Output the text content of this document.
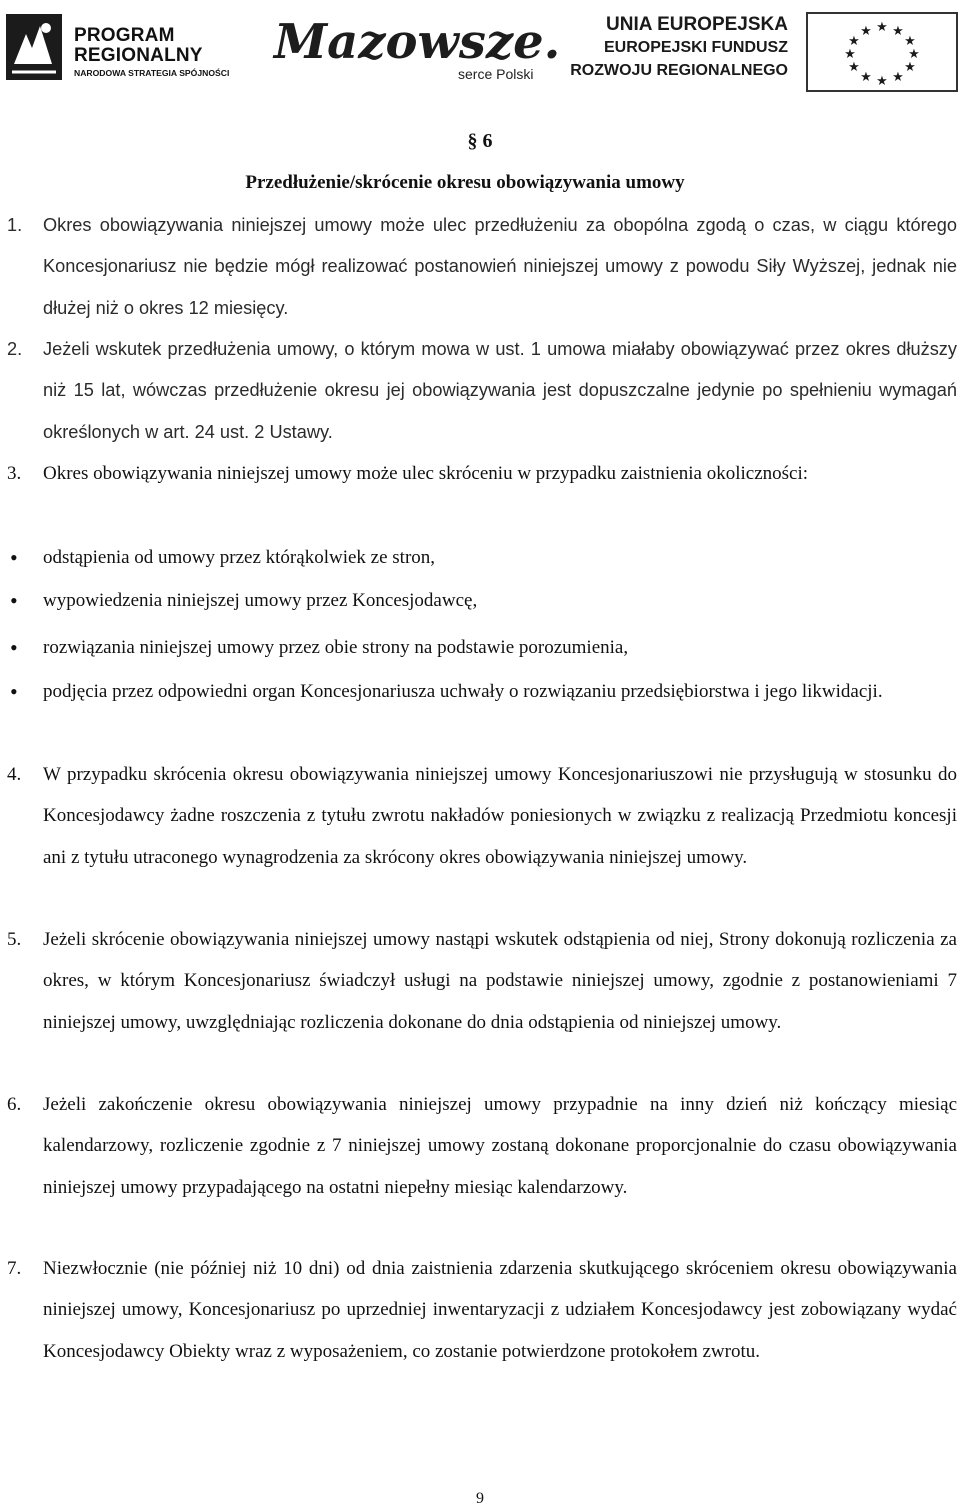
PROGRAM
REGIONALNY
NARODOWA STRATEGIA SPÓJNOŚCI
Mazowsze.
serce Polski
UNIA EUROPEJSKA
EUROPEJSKI FUNDUSZ
ROZWOJU REGIONALNEGO
★ ★
★
★
★
★
★
★
★
★
★
★
§ 6
Przedłużenie/skrócenie okresu obowiązywania umowy
1. Okres obowiązywania niniejszej umowy może ulec przedłużeniu za obopólna zgodą o czas, w ciągu którego Koncesjonariusz nie będzie mógł realizować postanowień niniejszej umowy z powodu Siły Wyższej, jednak nie dłużej niż o okres 12 miesięcy.
2. Jeżeli wskutek przedłużenia umowy, o którym mowa w ust. 1 umowa miałaby obowiązywać przez okres dłuższy niż 15 lat, wówczas przedłużenie okresu jej obowiązywania jest dopuszczalne jedynie po spełnieniu wymagań określonych w art. 24 ust. 2 Ustawy.
3. Okres obowiązywania niniejszej umowy może ulec skróceniu w przypadku zaistnienia okoliczności:
• odstąpienia od umowy przez którąkolwiek ze stron,
• wypowiedzenia niniejszej umowy przez Koncesjodawcę,
• rozwiązania niniejszej umowy przez obie strony na podstawie porozumienia,
• podjęcia przez odpowiedni organ Koncesjonariusza uchwały o rozwiązaniu przedsiębiorstwa i jego likwidacji.
4. W przypadku skrócenia okresu obowiązywania niniejszej umowy Koncesjonariuszowi nie przysługują w stosunku do Koncesjodawcy żadne roszczenia z tytułu zwrotu nakładów poniesionych w związku z realizacją Przedmiotu koncesji ani z tytułu utraconego wynagrodzenia za skrócony okres obowiązywania niniejszej umowy.
5. Jeżeli skrócenie obowiązywania niniejszej umowy nastąpi wskutek odstąpienia od niej, Strony dokonują rozliczenia za okres, w którym Koncesjonariusz świadczył usługi na podstawie niniejszej umowy, zgodnie z postanowieniami 7 niniejszej umowy, uwzględniając rozliczenia dokonane do dnia odstąpienia od niniejszej umowy.
6. Jeżeli zakończenie okresu obowiązywania niniejszej umowy przypadnie na inny dzień niż kończący miesiąc kalendarzowy, rozliczenie zgodnie z 7 niniejszej umowy zostaną dokonane proporcjonalnie do czasu obowiązywania niniejszej umowy przypadającego na ostatni niepełny miesiąc kalendarzowy.
7. Niezwłocznie (nie później niż 10 dni) od dnia zaistnienia zdarzenia skutkującego skróceniem okresu obowiązywania niniejszej umowy, Koncesjonariusz po uprzedniej inwentaryzacji z udziałem Koncesjodawcy jest zobowiązany wydać Koncesjodawcy Obiekty wraz z wyposażeniem, co zostanie potwierdzone protokołem zwrotu.
9
